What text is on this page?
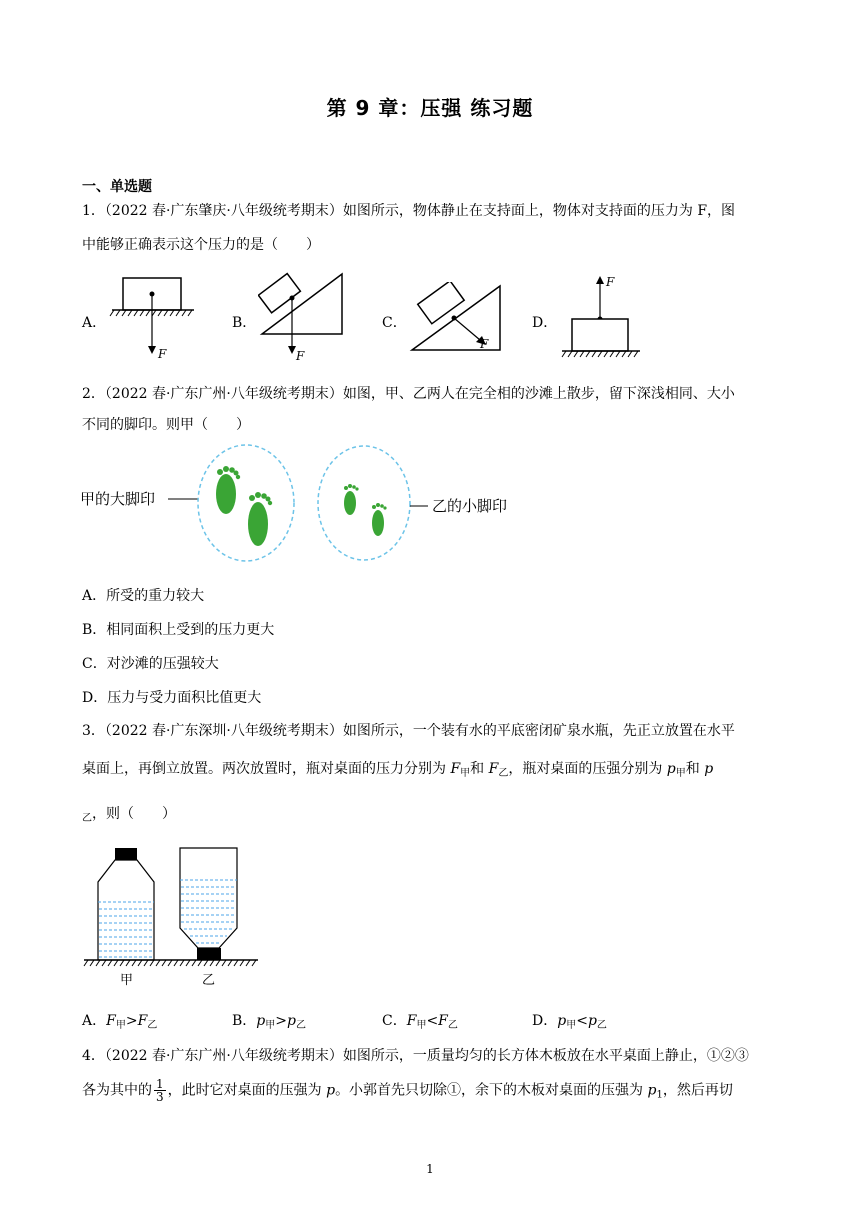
第 9 章：压强 练习题
一、单选题
1．（2022 春·广东肇庆·八年级统考期末）如图所示，物体静止在支持面上，物体对支持面的压力为 F，图
中能够正确表示这个压力的是（　　）
A．	B．	C．	D．
F	F
F
F
2．（2022 春·广东广州·八年级统考期末）如图，甲、乙两人在完全相的沙滩上散步，留下深浅相同、大小
不同的脚印。则甲（　　）
甲的大脚印	乙的小脚印
A．所受的重力较大
B．相同面积上受到的压力更大
C．对沙滩的压强较大
D．压力与受力面积比值更大
3．（2022 春·广东深圳·八年级统考期末）如图所示，一个装有水的平底密闭矿泉水瓶，先正立放置在水平
桌面上，再倒立放置。两次放置时，瓶对桌面的压力分别为 $F_甲$和 $F_乙$，瓶对桌面的压强分别为 $p_甲$和 p
$_乙$，则（　　）
甲	乙
A．$F_甲>F_乙$	B．$p_甲>p_乙$	C．$F_甲<F_乙$	D．$p_甲<p_乙$
4．（2022 春·广东广州·八年级统考期末）如图所示，一质量均匀的长方体木板放在水平桌面上静止，①②③
各为其中的 $\frac{1}{3}$ ，此时它对桌面的压强为 p。小郭首先只切除①，余下的木板对桌面的压强为 $p_1$，然后再切
1
